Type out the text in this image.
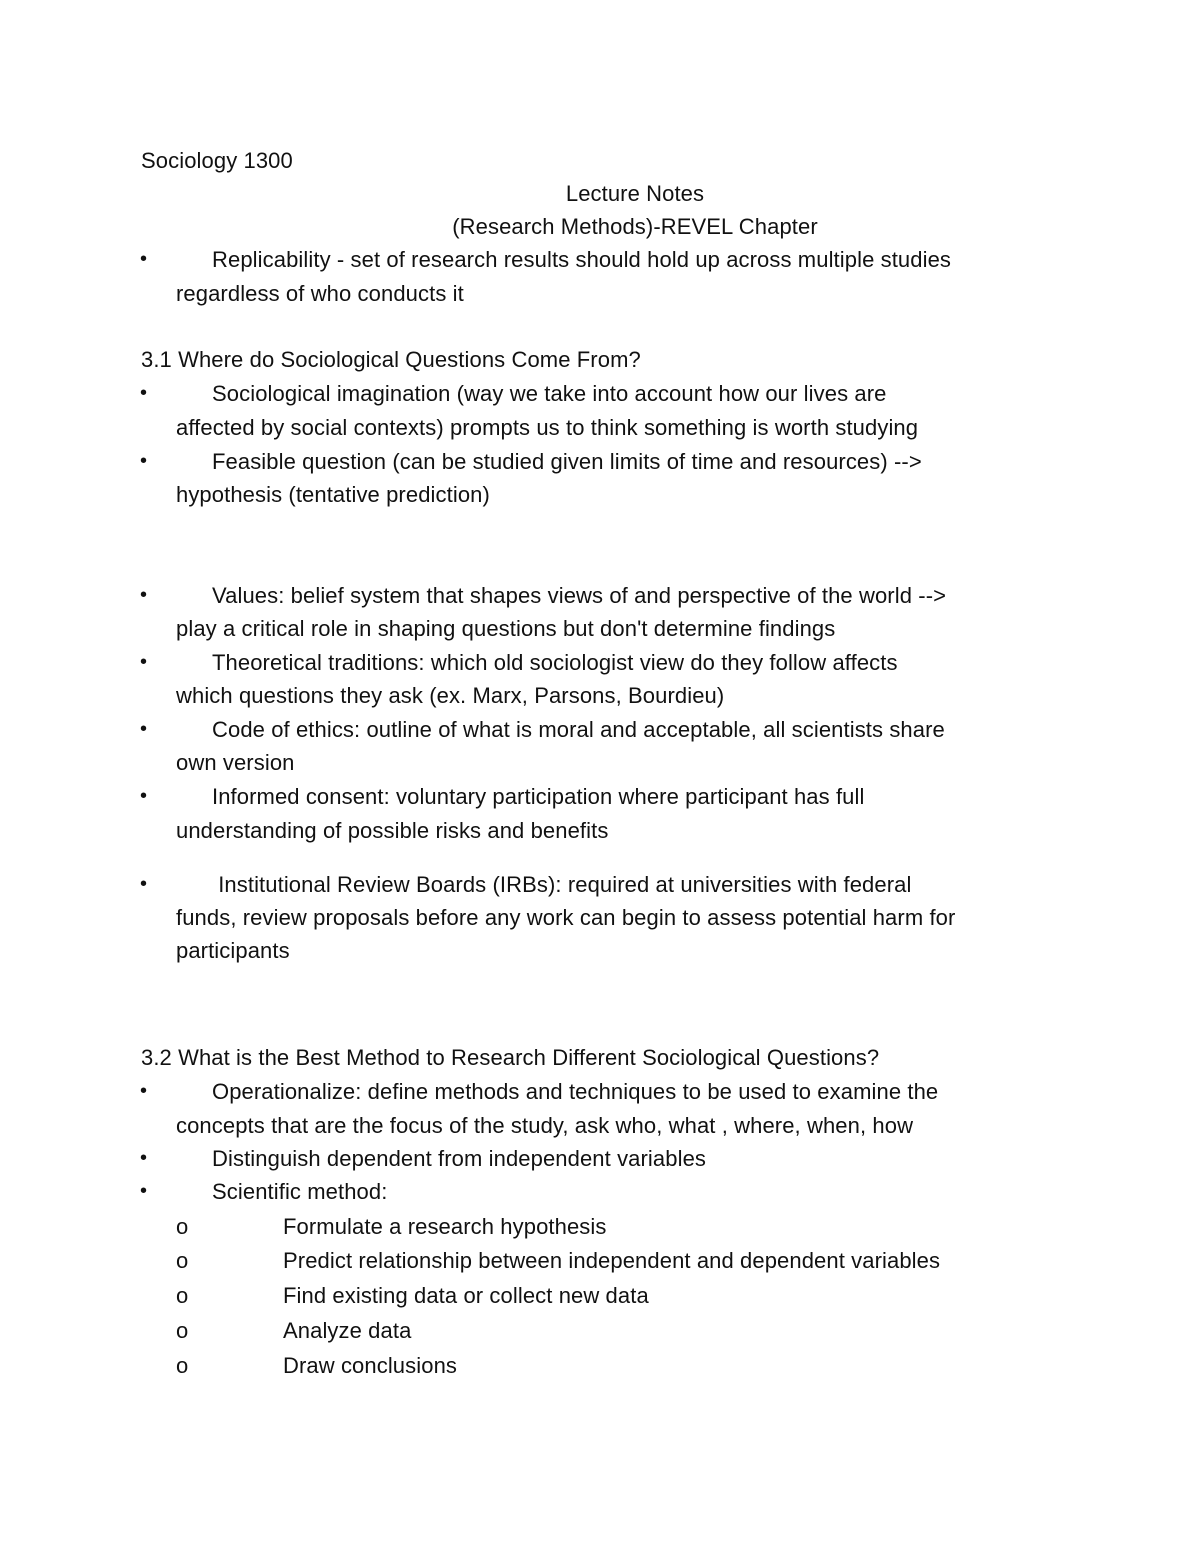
Sociology 1300
Lecture Notes
(Research Methods)-REVEL Chapter
•	Replicability - set of research results should hold up across multiple studies
regardless of who conducts it
3.1 Where do Sociological Questions Come From?
•	Sociological imagination (way we take into account how our lives are
affected by social contexts) prompts us to think something is worth studying
•	Feasible question (can be studied given limits of time and resources) -->
hypothesis (tentative prediction)
•	Values: belief system that shapes views of and perspective of the world -->
play a critical role in shaping questions but don't determine findings
•	Theoretical traditions: which old sociologist view do they follow affects
which questions they ask (ex. Marx, Parsons, Bourdieu)
•	Code of ethics: outline of what is moral and acceptable, all scientists share
own version
•	Informed consent: voluntary participation where participant has full
understanding of possible risks and benefits
•	Institutional Review Boards (IRBs): required at universities with federal
funds, review proposals before any work can begin to assess potential harm for
participants
3.2 What is the Best Method to Research Different Sociological Questions?
•	Operationalize: define methods and techniques to be used to examine the
concepts that are the focus of the study, ask who, what , where, when, how
•	Distinguish dependent from independent variables
•	Scientific method:
o	Formulate a research hypothesis
o	Predict relationship between independent and dependent variables
o	Find existing data or collect new data
o	Analyze data
o	Draw conclusions
